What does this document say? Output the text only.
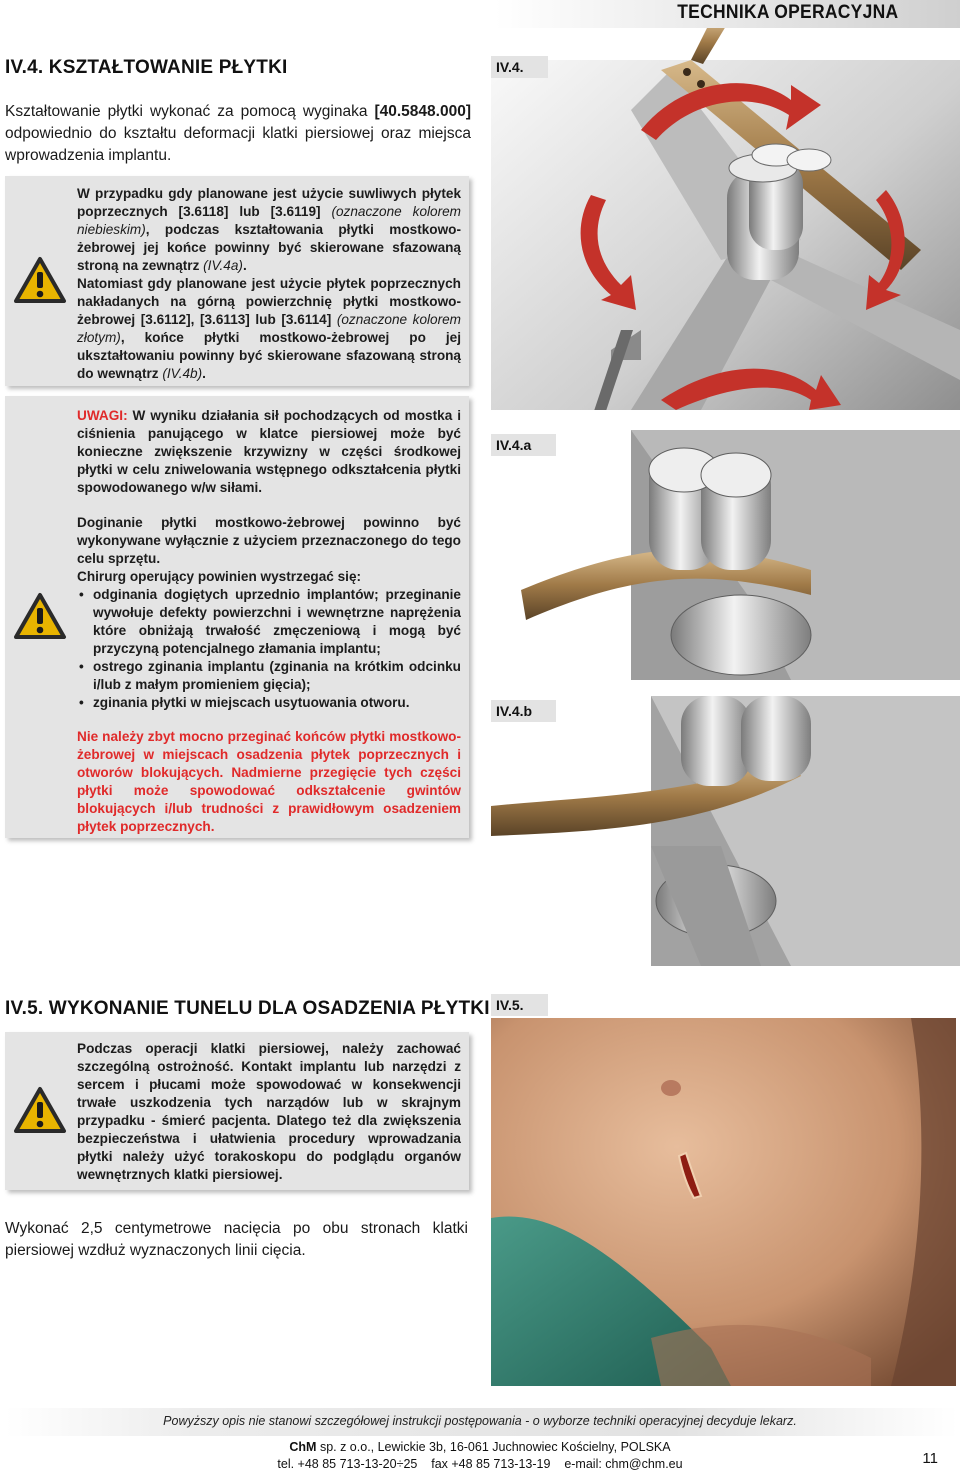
TECHNIKA OPERACYJNA
IV.4. KSZTAŁTOWANIE PŁYTKI
Kształtowanie płytki wykonać za pomocą wyginaka [40.5848.000] odpowiednio do kształtu deformacji klatki piersiowej oraz miejsca wprowadzenia implantu.
W przypadku gdy planowane jest użycie suwliwych płytek poprzecznych [3.6118] lub [3.6119] (oznaczone kolorem niebieskim), podczas kształtowania płytki mostkowo-żebrowej jej końce powinny być skierowane sfazowaną stroną na zewnątrz (IV.4a).
Natomiast gdy planowane jest użycie płytek poprzecznych nakładanych na górną powierzchnię płytki mostkowo-żebrowej [3.6112], [3.6113] lub [3.6114] (oznaczone kolorem złotym), końce płytki mostkowo-żebrowej po jej ukształtowaniu powinny być skierowane sfazowaną stroną do wewnątrz (IV.4b).
UWAGI: W wyniku działania sił pochodzących od mostka i ciśnienia panującego w klatce piersiowej może być konieczne zwiększenie krzywizny w części środkowej płytki w celu zniwelowania wstępnego odkształcenia płytki spowodowanego w/w siłami.
Doginanie płytki mostkowo-żebrowej powinno być wykonywane wyłącznie z użyciem przeznaczonego do tego celu sprzętu.
Chirurg operujący powinien wystrzegać się:
• odginania dogiętych uprzednio implantów; przeginanie wywołuje defekty powierzchni i wewnętrzne naprężenia które obniżają trwałość zmęczeniową i mogą być przyczyną potencjalnego złamania implantu;
• ostrego zginania implantu (zginania na krótkim odcinku i/lub z małym promieniem gięcia);
• zginania płytki w miejscach usytuowania otworu.
Nie należy zbyt mocno przeginać końców płytki mostkowo-żebrowej w miejscach osadzenia płytek poprzecznych i otworów blokujących. Nadmierne przegięcie tych części płytki może spowodować odkształcenie gwintów blokujących i/lub trudności z prawidłowym osadzeniem płytek poprzecznych.
IV.4.
IV.4.a
IV.4.b
IV.5. WYKONANIE TUNELU DLA OSADZENIA PŁYTKI IV.5.
Podczas operacji klatki piersiowej, należy zachować szczególną ostrożność. Kontakt implantu lub narzędzi z sercem i płucami może spowodować w konsekwencji trwałe uszkodzenia tych narządów lub w skrajnym przypadku - śmierć pacjenta. Dlatego też dla zwiększenia bezpieczeństwa i ułatwienia procedury wprowadzania płytki należy użyć torakoskopu do podglądu organów wewnętrznych klatki piersiowej.
Wykonać 2,5 centymetrowe nacięcia po obu stronach klatki piersiowej wzdłuż wyznaczonych linii cięcia.
Powyższy opis nie stanowi szczegółowej instrukcji postępowania - o wyborze techniki operacyjnej decyduje lekarz.
ChM sp. z o.o., Lewickie 3b, 16-061 Juchnowiec Kościelny, POLSKA
tel. +48 85 713-13-20÷25    fax +48 85 713-13-19    e-mail: chm@chm.eu	11
